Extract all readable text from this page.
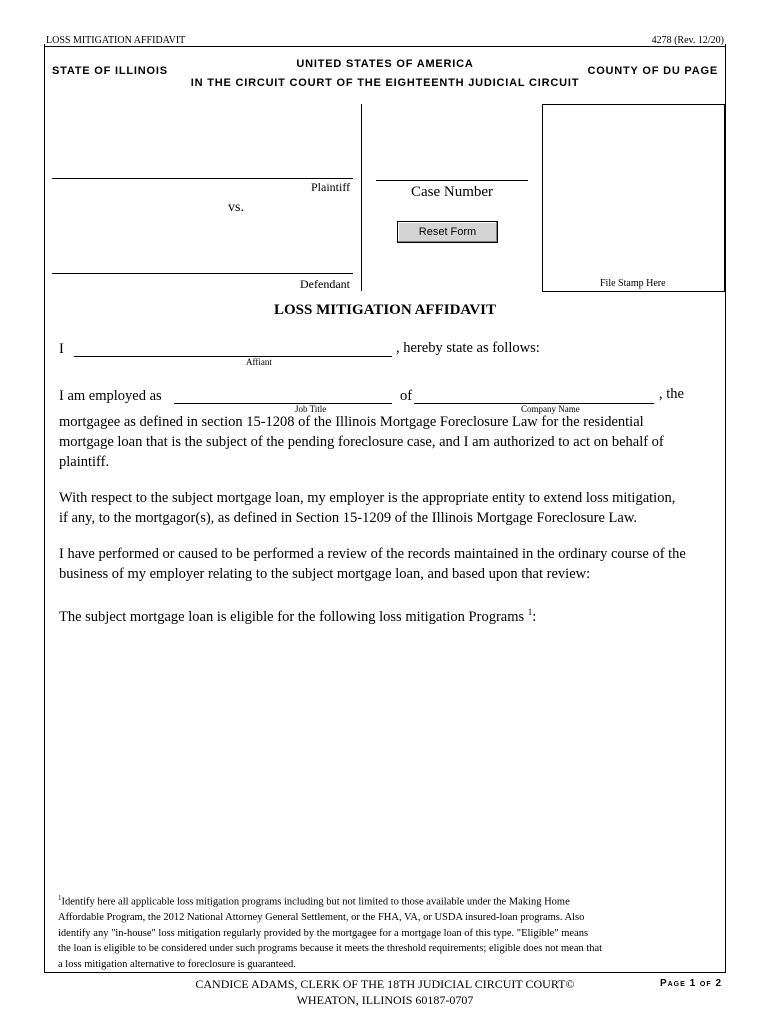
LOSS MITIGATION AFFIDAVIT	4278 (Rev. 12/20)
STATE OF ILLINOIS
UNITED STATES OF AMERICA
IN THE CIRCUIT COURT OF THE EIGHTEENTH JUDICIAL CIRCUIT
COUNTY OF DU PAGE
Plaintiff
vs.
Defendant
Case Number
Reset Form
File Stamp Here
LOSS MITIGATION AFFIDAVIT
I	, hereby state as follows:
Affiant
I am employed as	of	, the
Job Title	Company Name
mortgagee as defined in section 15-1208 of the Illinois Mortgage Foreclosure Law for the residential
mortgage loan that is the subject of the pending foreclosure case, and I am authorized to act on behalf of
plaintiff.
With respect to the subject mortgage loan, my employer is the appropriate entity to extend loss mitigation,
if any, to the mortgagor(s), as defined in Section 15-1209 of the Illinois Mortgage Foreclosure Law.
I have performed or caused to be performed a review of the records maintained in the ordinary course of the
business of my employer relating to the subject mortgage loan, and based upon that review:
The subject mortgage loan is eligible for the following loss mitigation Programs $^1$:
$^1$Identify here all applicable loss mitigation programs including but not limited to those available under the Making Home
Affordable Program, the 2012 National Attorney General Settlement, or the FHA, VA, or USDA insured-loan programs. Also
identify any "in-house" loss mitigation regularly provided by the mortgagee for a mortgage loan of this type. "Eligible" means
the loan is eligible to be considered under such programs because it meets the threshold requirements; eligible does not mean that
a loss mitigation alternative to foreclosure is guaranteed.
CANDICE ADAMS, CLERK OF THE 18TH JUDICIAL CIRCUIT COURT©
WHEATON, ILLINOIS 60187-0707
Page 1 of 2
